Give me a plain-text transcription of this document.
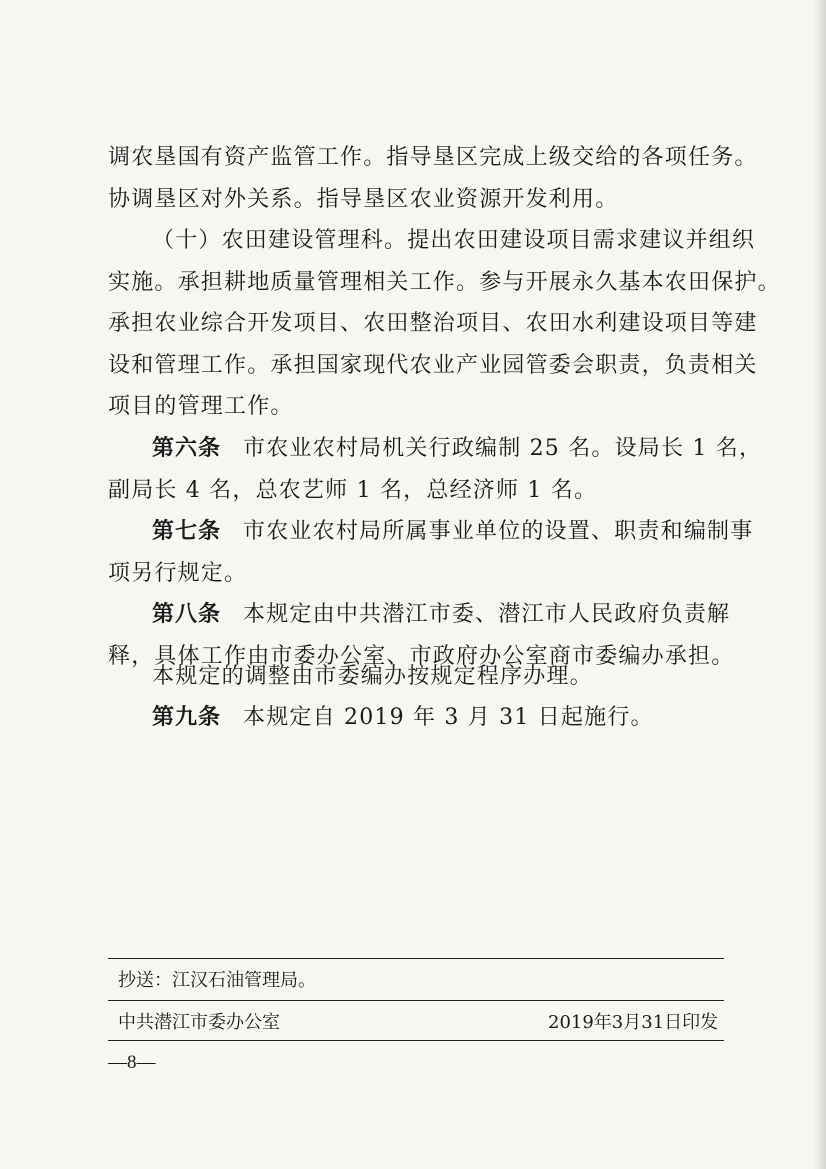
调农垦国有资产监管工作。指导垦区完成上级交给的各项任务。
协调垦区对外关系。指导垦区农业资源开发利用。

（十）农田建设管理科。提出农田建设项目需求建议并组织
实施。承担耕地质量管理相关工作。参与开展永久基本农田保护。
承担农业综合开发项目、农田整治项目、农田水利建设项目等建
设和管理工作。承担国家现代农业产业园管委会职责，负责相关
项目的管理工作。

第六条 市农业农村局机关行政编制 25 名。设局长 1 名，
副局长 4 名，总农艺师 1 名，总经济师 1 名。

第七条 市农业农村局所属事业单位的设置、职责和编制事
项另行规定。

第八条 本规定由中共潜江市委、潜江市人民政府负责解
释，具体工作由市委办公室、市政府办公室商市委编办承担。

本规定的调整由市委编办按规定程序办理。

第九条 本规定自 2019 年 3 月 31 日起施行。

抄送：江汉石油管理局。
中共潜江市委办公室	2019年3月31日印发
—8—
